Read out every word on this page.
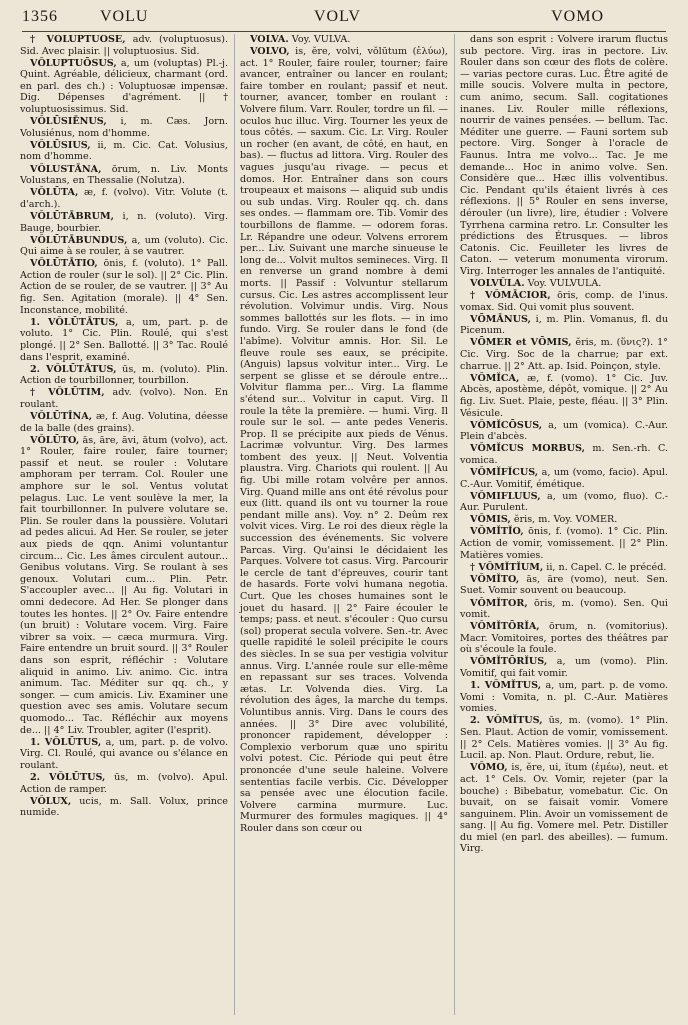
1356	VOLU	VOLV	VOMO

† VŎLUPTUŌSE, adv. (voluptuosus). Sid. Avec plaisir. || voluptuosius. Sid.

VŎLUPTUŌSUS, a, um (voluptas) Pl.-j. Quint. Agréable, délicieux, charmant (ord. en parl. des ch.) : Voluptuosæ impensæ. Dig. Dépenses d'agrément. || † voluptuosissimus. Sid.

VŎLŪSIĒNUS, i, m. Cæs. Jorn. Volusiénus, nom d'homme.

VŎLŪSIUS, ii, m. Cic. Cat. Volusius, nom d'homme.

VŎLUSTĀNA, ōrum, n. Liv. Monts Volustans, en Thessalie (Nolutza).

VŎLŪTA, æ, f. (volvo). Vitr. Volute (t. d'arch.).

VŎLŪTĀBRUM, i, n. (voluto). Virg. Bauge, bourbier.

VŎLŪTĀBUNDUS, a, um (voluto). Cic. Qui aime à se rouler, à se vautrer.

VŎLŪTĀTIO, ōnis, f. (voluto). 1° Pall. Action de rouler (sur le sol). || 2° Cic. Plin. Action de se rouler, de se vautrer. || 3° Au fig. Sen. Agitation (morale). || 4° Sen. Inconstance, mobilité.

1. VŎLŪTĀTUS, a, um, part. p. de voluto. 1° Cic. Plin. Roulé, qui s'est plongé. || 2° Sen. Ballotté. || 3° Tac. Roulé dans l'esprit, examiné.

2. VŎLŪTĀTUS, ūs, m. (voluto). Plin. Action de tourbillonner, tourbillon.

† VŎLŪTIM, adv. (volvo). Non. En roulant.

VŎLŪTĪNA, æ, f. Aug. Volutina, déesse de la balle (des grains).

VŎLŪTO, ās, āre, āvi, ātum (volvo), act. 1° Rouler, faire rouler, faire tourner; passif et neut. se rouler : Volutare amphoram per terram. Col. Rouler une amphore sur le sol. Ventus volutat pelagus. Luc. Le vent soulève la mer, la fait tourbillonner. In pulvere volutare se. Plin. Se rouler dans la poussière. Volutari ad pedes alicui. Ad Her. Se rouler, se jeter aux pieds de qqn. Animi voluntantur circum... Cic. Les âmes circulent autour... Genibus volutans. Virg. Se roulant à ses genoux. Volutari cum... Plin. Petr. S'accoupler avec... || Au fig. Volutari in omni dedecore. Ad Her. Se plonger dans toutes les hontes. || 2° Ov. Faire entendre (un bruit) : Volutare vocem. Virg. Faire vibrer sa voix. — cæca murmura. Virg. Faire entendre un bruit sourd. || 3° Rouler dans son esprit, réfléchir : Volutare aliquid in animo. Liv. animo. Cic. intra animum. Tac. Méditer sur qq. ch., y songer. — cum amicis. Liv. Examiner une question avec ses amis. Volutare secum quomodo... Tac. Réfléchir aux moyens de... || 4° Liv. Troubler, agiter (l'esprit).

1. VŎLŪTUS, a, um, part. p. de volvo. Virg. Cl. Roulé, qui avance ou s'élance en roulant.

2. VŎLŪTUS, ūs, m. (volvo). Apul. Action de ramper.

VŎLUX, ucis, m. Sall. Volux, prince numide.

VOLVA. Voy. VULVA.

VOLVO, is, ĕre, volvi, vŏlūtum (ἐλύω), act. 1° Rouler, faire rouler, tourner; faire avancer, entraîner ou lancer en roulant; faire tomber en roulant; passif et neut. tourner, avancer, tomber en roulant : Volvere filum. Varr. Rouler, tordre un fil. — oculos huc illuc. Virg. Tourner les yeux de tous côtés. — saxum. Cic. Lr. Virg. Rouler un rocher (en avant, de côté, en haut, en bas). — fluctus ad littora. Virg. Rouler des vagues jusqu'au rivage. — pecus et domos. Hor. Entraîner dans son cours troupeaux et maisons — aliquid sub undis ou sub undas. Virg. Rouler qq. ch. dans ses ondes. — flammam ore. Tib. Vomir des tourbillons de flamme. — odorem foras. Lr. Répandre une odeur. Volvens errorem per... Liv. Suivant une marche sinueuse le long de... Volvit multos semineces. Virg. Il en renverse un grand nombre à demi morts. || Passif : Volvuntur stellarum cursus. Cic. Les astres accomplissent leur révolution. Volvimur undis. Virg. Nous sommes ballottés sur les flots. — in imo fundo. Virg. Se rouler dans le fond (de l'abîme). Volvitur amnis. Hor. Sil. Le fleuve roule ses eaux, se précipite. (Anguis) lapsus volvitur inter... Virg. Le serpent se glisse et se déroule entre... Volvitur flamma per... Virg. La flamme s'étend sur... Volvitur in caput. Virg. Il roule la tête la première. — humi. Virg. Il roule sur le sol. — ante pedes Veneris. Prop. Il se précipite aux pieds de Vénus. Lacrimæ volvuntur. Virg. Des larmes tombent des yeux. || Neut. Volventia plaustra. Virg. Chariots qui roulent. || Au fig. Ubi mille rotam volvêre per annos. Virg. Quand mille ans ont été révolus pour eux (litt. quand ils ont vu tourner la roue pendant mille ans). Voy. n° 2. Deûm rex volvit vices. Virg. Le roi des dieux règle la succession des événements. Sic volvere Parcas. Virg. Qu'ainsi le décidaient les Parques. Volvere tot casus. Virg. Parcourir le cercle de tant d'épreuves, courir tant de hasards. Forte volvi humana negotia. Curt. Que les choses humaines sont le jouet du hasard. || 2° Faire écouler le temps; pass. et neut. s'écouler : Quo cursu (sol) properat secula volvere. Sen.-tr. Avec quelle rapidité le soleil précipite le cours des siècles. In se sua per vestigia volvitur annus. Virg. L'année roule sur elle-même en repassant sur ses traces. Volvenda ætas. Lr. Volvenda dies. Virg. La révolution des âges, la marche du temps. Voluntibus annis. Virg. Dans le cours des années. || 3° Dire avec volubilité, prononcer rapidement, développer : Complexio verborum quæ uno spiritu volvi potest. Cic. Période qui peut être prononcée d'une seule haleine. Volvere sententias facile verbis. Cic. Développer sa pensée avec une élocution facile. Volvere carmina murmure. Luc. Murmurer des formules magiques. || 4° Rouler dans son cœur ou

dans son esprit : Volvere irarum fluctus sub pectore. Virg. iras in pectore. Liv. Rouler dans son cœur des flots de colère. — varias pectore curas. Luc. Être agité de mille soucis. Volvere multa in pectore, cum animo, secum. Sall. cogitationes inanes. Liv. Rouler mille réflexions, nourrir de vaines pensées. — bellum. Tac. Méditer une guerre. — Fauni sortem sub pectore. Virg. Songer à l'oracle de Faunus. Intra me volvo... Tac. Je me demande... Hoc in animo volve. Sen. Considère que... Hæc illis volventibus. Cic. Pendant qu'ils étaient livrés à ces réflexions. || 5° Rouler en sens inverse, dérouler (un livre), lire, étudier : Volvere Tyrrhena carmina retro. Lr. Consulter les prédictions des Étrusques. — libros Catonis. Cic. Feuilleter les livres de Caton. — veterum monumenta virorum. Virg. Interroger les annales de l'antiquité.

VOLVŬLA. Voy. VULVULA.

† VŎMĀCIOR, ōris, comp. de l'inus. vomax. Sid. Qui vomit plus souvent.

VŌMĀNUS, i, m. Plin. Vomanus, fl. du Picenum.

VŌMER et VŌMIS, ĕris, m. (ὕνις?). 1° Cic. Virg. Soc de la charrue; par ext. charrue. || 2° Att. ap. Isid. Poinçon, style.

VŎMĬCA, æ, f. (vomo). 1° Cic. Juv. Abcès, apostème, dépôt, vomique. || 2° Au fig. Liv. Suet. Plaie, peste, fléau. || 3° Plin. Vésicule.

VŎMĬCŌSUS, a, um (vomica). C.-Aur. Plein d'abcès.

VŎMĬCUS MORBUS, m. Sen.-rh. C. vomica.

VŎMĬFĬCUS, a, um (vomo, facio). Apul. C.-Aur. Vomitif, émétique.

VŎMIFLUUS, a, um (vomo, fluo). C.-Aur. Purulent.

VŎMIS, ĕris, m. Voy. VOMER.

VŎMĬTĬO, ōnis, f. (vomo). 1° Cic. Plin. Action de vomir, vomissement. || 2° Plin. Matières vomies.

† VŎMĬTĬUM, ii, n. Capel. C. le précéd.

VŎMĬTO, ās, āre (vomo), neut. Sen. Suet. Vomir souvent ou beaucoup.

VŎMĬTOR, ōris, m. (vomo). Sen. Qui vomit.

VŎMĬTŌRĬA, ōrum, n. (vomitorius). Macr. Vomitoires, portes des théâtres par où s'écoule la foule.

VŎMĬTŌRĬUS, a, um (vomo). Plin. Vomitif, qui fait vomir.

1. VŎMĬTUS, a, um, part. p. de vomo. Vomi : Vomita, n. pl. C.-Aur. Matières vomies.

2. VŎMĬTUS, ūs, m. (vomo). 1° Plin. Sen. Plaut. Action de vomir, vomissement. || 2° Cels. Matières vomies. || 3° Au fig. Lucil. ap. Non. Plaut. Ordure, rebut, lie.

VŎMO, is, ĕre, ui, ĭtum (ἐμέω), neut. et act. 1° Cels. Ov. Vomir, rejeter (par la bouche) : Bibebatur, vomebatur. Cic. On buvait, on se faisait vomir. Vomere sanguinem. Plin. Avoir un vomissement de sang. || Au fig. Vomere mel. Petr. Distiller du miel (en parl. des abeilles). — fumum. Virg.
